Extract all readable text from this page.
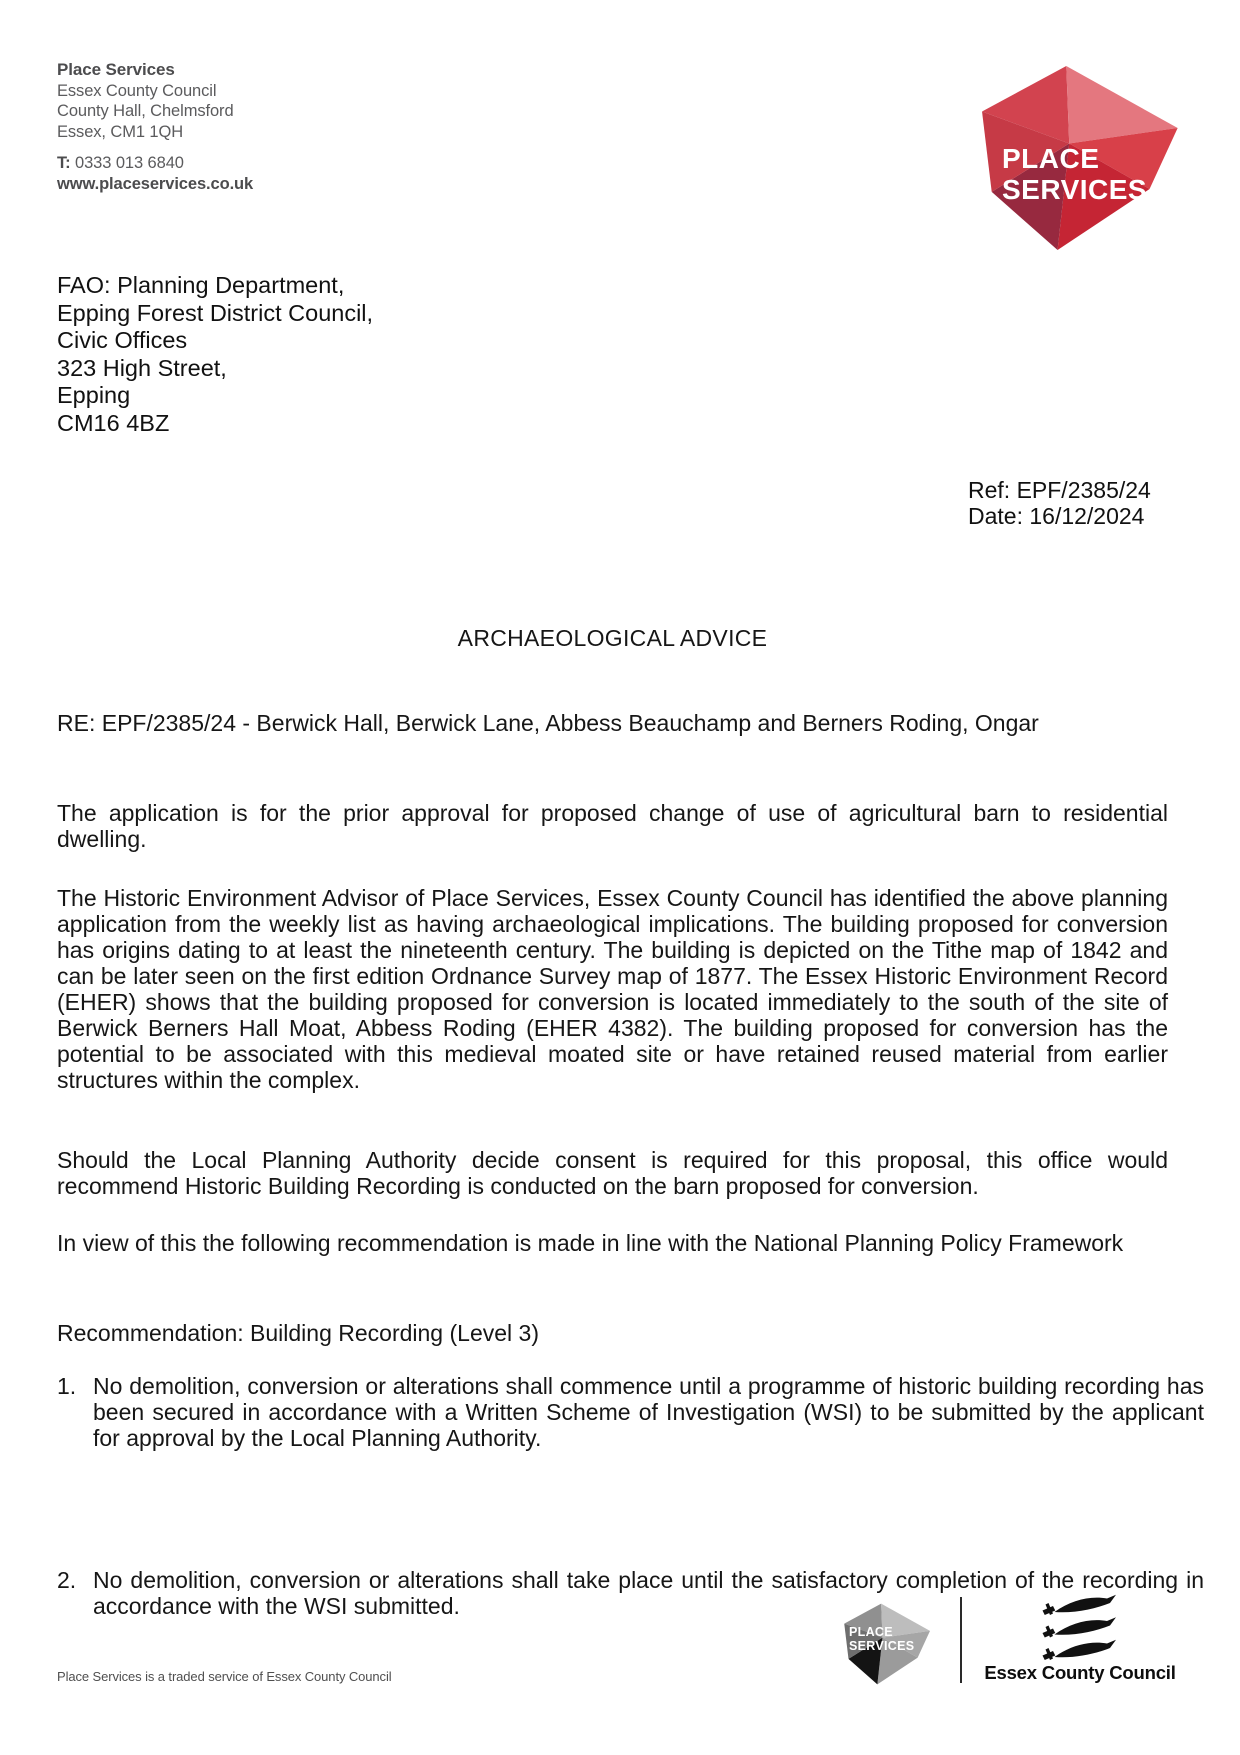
Place Services
Essex County Council
County Hall, Chelmsford
Essex, CM1 1QH
T: 0333 013 6840
www.placeservices.co.uk
PLACE
SERVICES
FAO: Planning Department,
Epping Forest District Council,
Civic Offices
323 High Street,
Epping
CM16 4BZ
Ref: EPF/2385/24
Date: 16/12/2024
ARCHAEOLOGICAL ADVICE

RE: EPF/2385/24 - Berwick Hall, Berwick Lane, Abbess Beauchamp and Berners Roding, Ongar

The application is for the prior approval for proposed change of use of agricultural barn to residential dwelling.

The Historic Environment Advisor of Place Services, Essex County Council has identified the above planning application from the weekly list as having archaeological implications. The building proposed for conversion has origins dating to at least the nineteenth century. The building is depicted on the Tithe map of 1842 and can be later seen on the first edition Ordnance Survey map of 1877. The Essex Historic Environment Record (EHER) shows that the building proposed for conversion is located immediately to the south of the site of Berwick Berners Hall Moat, Abbess Roding (EHER 4382). The building proposed for conversion has the potential to be associated with this medieval moated site or have retained reused material from earlier structures within the complex.

Should the Local Planning Authority decide consent is required for this proposal, this office would recommend Historic Building Recording is conducted on the barn proposed for conversion.

In view of this the following recommendation is made in line with the National Planning Policy Framework

Recommendation: Building Recording (Level 3)

1. No demolition, conversion or alterations shall commence until a programme of historic building recording has been secured in accordance with a Written Scheme of Investigation (WSI) to be submitted by the applicant for approval by the Local Planning Authority.

2. No demolition, conversion or alterations shall take place until the satisfactory completion of the recording in accordance with the WSI submitted.

Place Services is a traded service of Essex County Council
PLACE
SERVICES
Essex County Council
